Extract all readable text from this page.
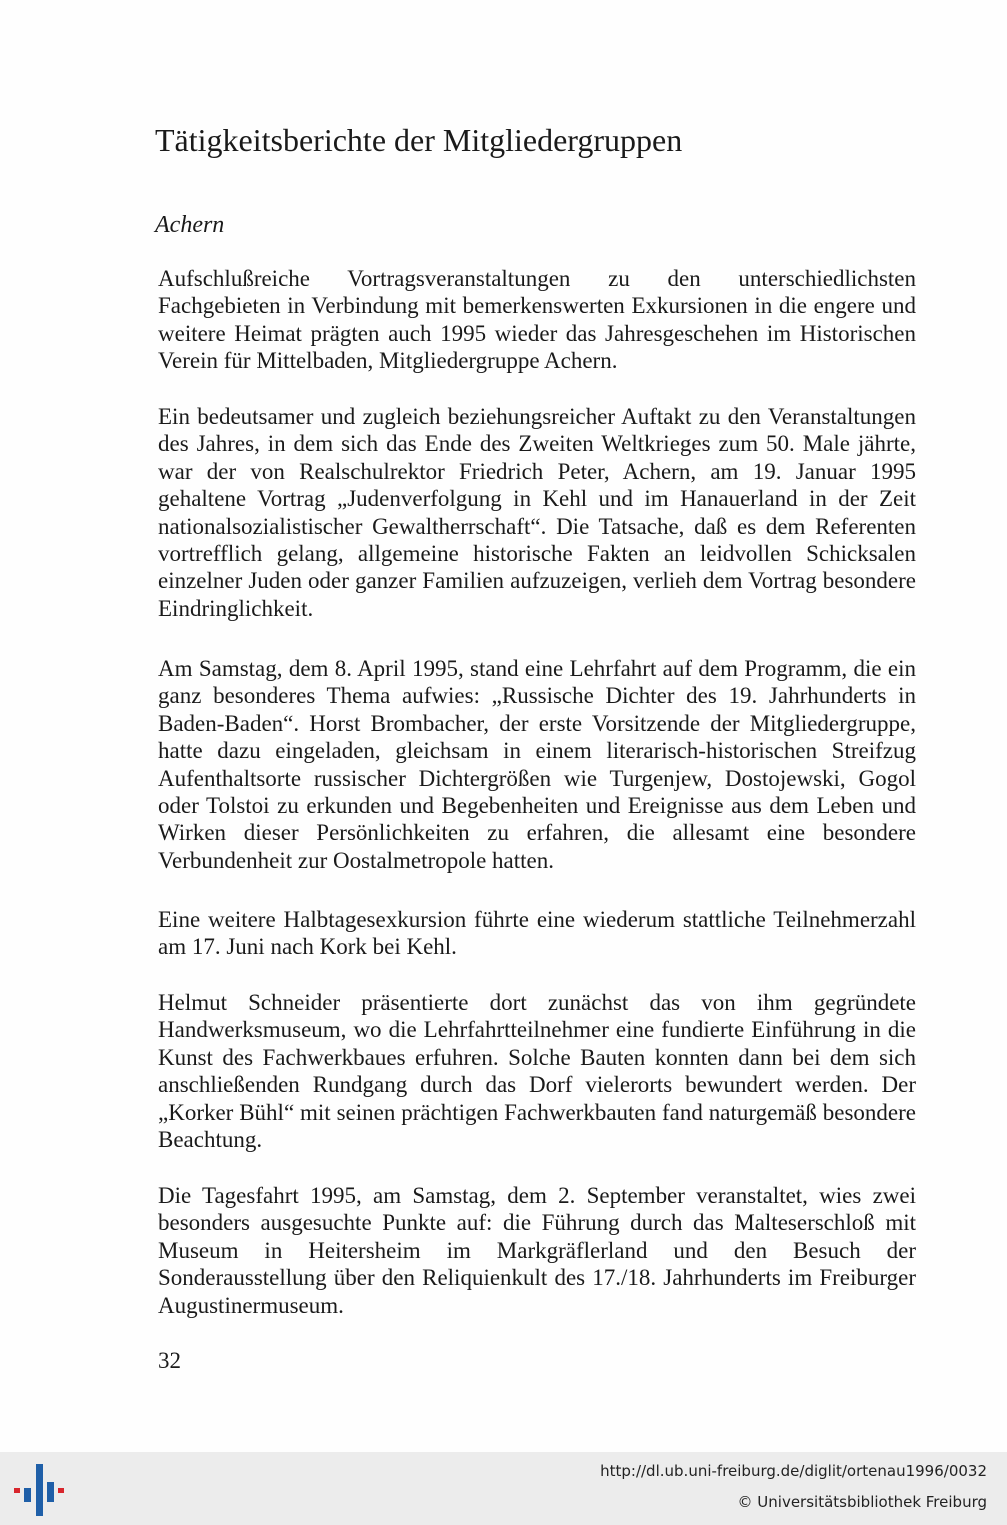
Tätigkeitsberichte der Mitgliedergruppen
Achern

Aufschlußreiche Vortragsveranstaltungen zu den unterschiedlichsten Fachgebieten in Verbindung mit bemerkenswerten Exkursionen in die engere und weitere Heimat prägten auch 1995 wieder das Jahresgeschehen im Historischen Verein für Mittelbaden, Mitgliedergruppe Achern.

Ein bedeutsamer und zugleich beziehungsreicher Auftakt zu den Veranstaltungen des Jahres, in dem sich das Ende des Zweiten Weltkrieges zum 50. Male jährte, war der von Realschulrektor Friedrich Peter, Achern, am 19. Januar 1995 gehaltene Vortrag „Judenverfolgung in Kehl und im Hanauerland in der Zeit nationalsozialistischer Gewaltherrschaft“. Die Tatsache, daß es dem Referenten vortrefflich gelang, allgemeine historische Fakten an leidvollen Schicksalen einzelner Juden oder ganzer Familien aufzuzeigen, verlieh dem Vortrag besondere Eindringlichkeit.

Am Samstag, dem 8. April 1995, stand eine Lehrfahrt auf dem Programm, die ein ganz besonderes Thema aufwies: „Russische Dichter des 19. Jahrhunderts in Baden-Baden“. Horst Brombacher, der erste Vorsitzende der Mitgliedergruppe, hatte dazu eingeladen, gleichsam in einem literarisch-historischen Streifzug Aufenthaltsorte russischer Dichtergrößen wie Turgenjew, Dostojewski, Gogol oder Tolstoi zu erkunden und Begebenheiten und Ereignisse aus dem Leben und Wirken dieser Persönlichkeiten zu erfahren, die allesamt eine besondere Verbundenheit zur Oostalmetropole hatten.

Eine weitere Halbtagesexkursion führte eine wiederum stattliche Teilnehmerzahl am 17. Juni nach Kork bei Kehl.

Helmut Schneider präsentierte dort zunächst das von ihm gegründete Handwerksmuseum, wo die Lehrfahrtteilnehmer eine fundierte Einführung in die Kunst des Fachwerkbaues erfuhren. Solche Bauten konnten dann bei dem sich anschließenden Rundgang durch das Dorf vielerorts bewundert werden. Der „Korker Bühl“ mit seinen prächtigen Fachwerkbauten fand naturgemäß besondere Beachtung.

Die Tagesfahrt 1995, am Samstag, dem 2. September veranstaltet, wies zwei besonders ausgesuchte Punkte auf: die Führung durch das Malteserschloß mit Museum in Heitersheim im Markgräflerland und den Besuch der Sonderausstellung über den Reliquienkult des 17./18. Jahrhunderts im Freiburger Augustinermuseum.

32
http://dl.ub.uni-freiburg.de/diglit/ortenau1996/0032
© Universitätsbibliothek Freiburg
